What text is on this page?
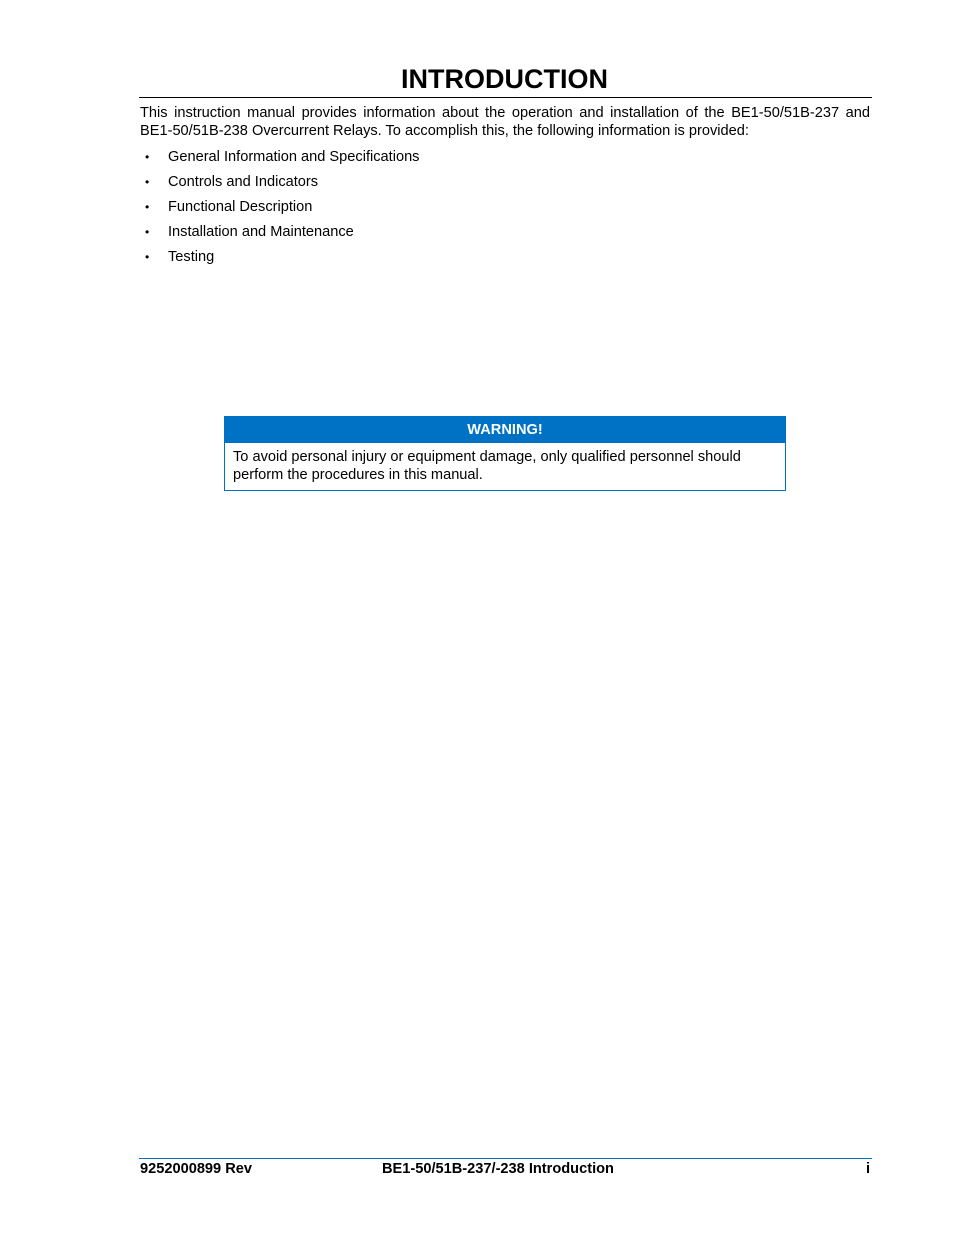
INTRODUCTION

This instruction manual provides information about the operation and installation of the BE1-50/51B-237 and BE1-50/51B-238 Overcurrent Relays. To accomplish this, the following information is provided:

• General Information and Specifications
• Controls and Indicators
• Functional Description
• Installation and Maintenance
• Testing
WARNING!
To avoid personal injury or equipment damage, only qualified personnel should perform the procedures in this manual.
9252000899 Rev	BE1-50/51B-237/-238 Introduction	i
